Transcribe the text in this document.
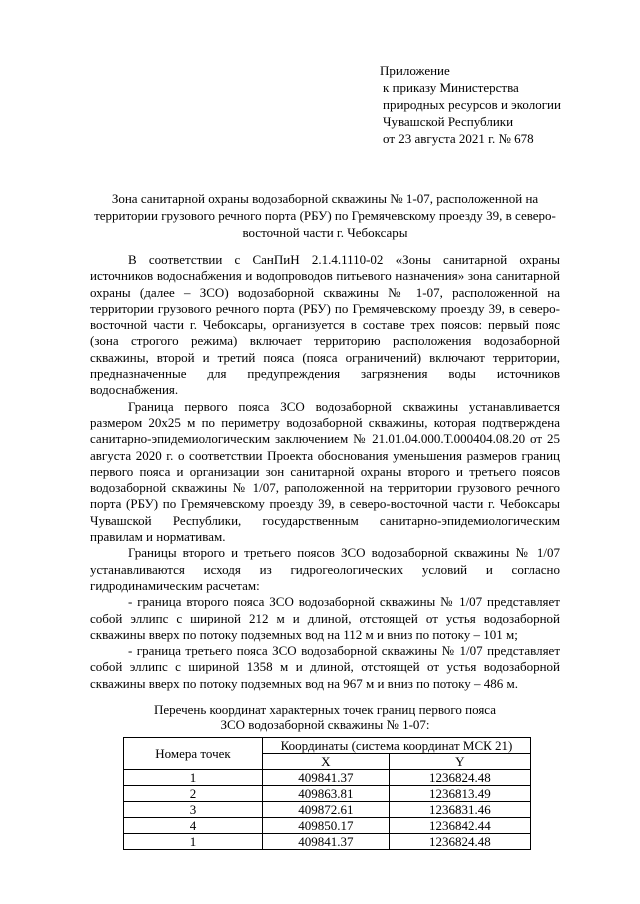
Приложение
к приказу Министерства
природных ресурсов и экологии
Чувашской Республики
от 23 августа 2021 г. № 678
Зона санитарной охраны водозаборной скважины № 1-07, расположенной на территории грузового речного порта (РБУ) по Гремячевскому проезду 39, в северо-восточной части г. Чебоксары

В соответствии с СанПиН 2.1.4.1110-02 «Зоны санитарной охраны источников водоснабжения и водопроводов питьевого назначения» зона санитарной охраны (далее – ЗСО) водозаборной скважины № 1-07, расположенной на территории грузового речного порта (РБУ) по Гремячевскому проезду 39, в северо-восточной части г. Чебоксары, организуется в составе трех поясов: первый пояс (зона строгого режима) включает территорию расположения водозаборной скважины, второй и третий пояса (пояса ограничений) включают территории, предназначенные для предупреждения загрязнения воды источников водоснабжения.

Граница первого пояса ЗСО водозаборной скважины устанавливается размером 20х25 м по периметру водозаборной скважины, которая подтверждена санитарно-эпидемиологическим заключением № 21.01.04.000.Т.000404.08.20 от 25 августа 2020 г. о соответствии Проекта обоснования уменьшения размеров границ первого пояса и организации зон санитарной охраны второго и третьего поясов водозаборной скважины № 1/07, раположенной на территории грузового речного порта (РБУ) по Гремячевскому проезду 39, в северо-восточной части г. Чебоксары Чувашской Республики, государственным санитарно-эпидемиологическим правилам и нормативам.

Границы второго и третьего поясов ЗСО водозаборной скважины № 1/07 устанавливаются исходя из гидрогеологических условий и согласно гидродинамическим расчетам:

- граница второго пояса ЗСО водозаборной скважины № 1/07 представляет собой эллипс с шириной 212 м и длиной, отстоящей от устья водозаборной скважины вверх по потоку подземных вод на 112 м и вниз по потоку – 101 м;

- граница третьего пояса ЗСО водозаборной скважины № 1/07 представляет собой эллипс с шириной 1358 м и длиной, отстоящей от устья водозаборной скважины вверх по потоку подземных вод на 967 м и вниз по потоку – 486 м.

Перечень координат характерных точек границ первого пояса
ЗСО водозаборной скважины № 1-07:
Номера точек	Координаты (система координат МСК 21)	
	X	Y
1	409841.37	1236824.48
2	409863.81	1236813.49
3	409872.61	1236831.46
4	409850.17	1236842.44
1	409841.37	1236824.48
